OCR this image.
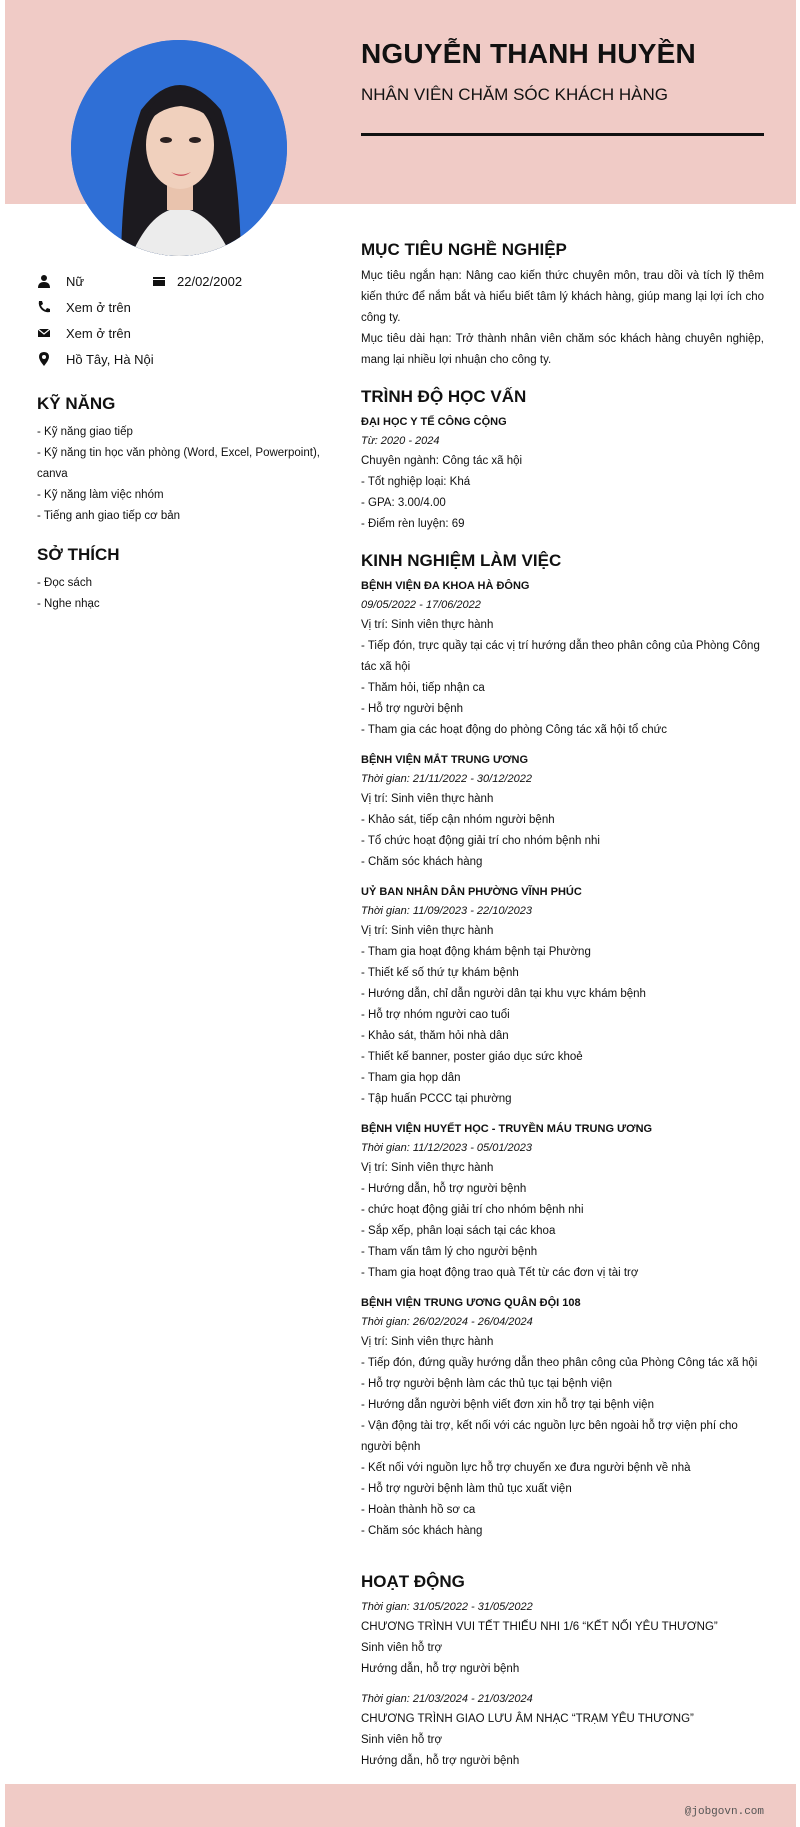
NGUYỄN THANH HUYỀN
NHÂN VIÊN CHĂM SÓC KHÁCH HÀNG
Nữ	22/02/2002
Xem ở trên
Xem ở trên
Hồ Tây, Hà Nội
KỸ NĂNG
- Kỹ năng giao tiếp
- Kỹ năng tin học văn phòng (Word, Excel, Powerpoint), canva
- Kỹ năng làm việc nhóm
- Tiếng anh giao tiếp cơ bản
SỞ THÍCH
- Đọc sách
- Nghe nhạc
MỤC TIÊU NGHỀ NGHIỆP
Mục tiêu ngắn hạn: Nâng cao kiến thức chuyên môn, trau dồi và tích lỹ thêm kiến thức để nắm bắt và hiểu biết tâm lý khách hàng, giúp mang lại lợi ích cho công ty.
Mục tiêu dài hạn: Trở thành nhân viên chăm sóc khách hàng chuyên nghiệp, mang lại nhiều lợi nhuận cho công ty.
TRÌNH ĐỘ HỌC VẤN
ĐẠI HỌC Y TẾ CÔNG CỘNG
Từ: 2020 - 2024
Chuyên ngành: Công tác xã hội
- Tốt nghiệp loại: Khá
- GPA: 3.00/4.00
- Điểm rèn luyện: 69
KINH NGHIỆM LÀM VIỆC
BỆNH VIỆN ĐA KHOA HÀ ĐÔNG
09/05/2022 - 17/06/2022
Vị trí: Sinh viên thực hành
- Tiếp đón, trực quầy tại các vị trí hướng dẫn theo phân công của Phòng Công tác xã hội
- Thăm hỏi, tiếp nhận ca
- Hỗ trợ người bệnh
- Tham gia các hoạt động do phòng Công tác xã hội tổ chức
BỆNH VIỆN MẮT TRUNG ƯƠNG
Thời gian: 21/11/2022 - 30/12/2022
Vị trí: Sinh viên thực hành
- Khảo sát, tiếp cận nhóm người bệnh
- Tổ chức hoạt động giải trí cho nhóm bệnh nhi
- Chăm sóc khách hàng
UỶ BAN NHÂN DÂN PHƯỜNG VĨNH PHÚC
Thời gian: 11/09/2023 - 22/10/2023
Vị trí: Sinh viên thực hành
- Tham gia hoạt động khám bệnh tại Phường
- Thiết kế số thứ tự khám bệnh
- Hướng dẫn, chỉ dẫn người dân tại khu vực khám bệnh
- Hỗ trợ nhóm người cao tuổi
- Khảo sát, thăm hỏi nhà dân
- Thiết kế banner, poster giáo dục sức khoẻ
- Tham gia họp dân
- Tập huấn PCCC tại phường
BỆNH VIỆN HUYẾT HỌC - TRUYỀN MÁU TRUNG ƯƠNG
Thời gian: 11/12/2023 - 05/01/2023
Vị trí: Sinh viên thực hành
- Hướng dẫn, hỗ trợ người bệnh
- chức hoạt động giải trí cho nhóm bệnh nhi
- Sắp xếp, phân loại sách tại các khoa
- Tham vấn tâm lý cho người bệnh
- Tham gia hoạt động trao quà Tết từ các đơn vị tài trợ
BỆNH VIỆN TRUNG ƯƠNG QUÂN ĐỘI 108
Thời gian: 26/02/2024 - 26/04/2024
Vị trí: Sinh viên thực hành
- Tiếp đón, đứng quầy hướng dẫn theo phân công của Phòng Công tác xã hội
- Hỗ trợ người bệnh làm các thủ tục tại bệnh viện
- Hướng dẫn người bệnh viết đơn xin hỗ trợ tại bệnh viện
- Vận động tài trợ, kết nối với các nguồn lực bên ngoài hỗ trợ viện phí cho người bệnh
- Kết nối với nguồn lực hỗ trợ chuyến xe đưa người bệnh về nhà
- Hỗ trợ người bệnh làm thủ tục xuất viện
- Hoàn thành hồ sơ ca
- Chăm sóc khách hàng
HOẠT ĐỘNG
Thời gian: 31/05/2022 - 31/05/2022
CHƯƠNG TRÌNH VUI TẾT THIẾU NHI 1/6 “KẾT NỐI YÊU THƯƠNG”
Sinh viên hỗ trợ
Hướng dẫn, hỗ trợ người bệnh
Thời gian: 21/03/2024 - 21/03/2024
CHƯƠNG TRÌNH GIAO LƯU ÂM NHẠC “TRẠM YÊU THƯƠNG”
Sinh viên hỗ trợ
Hướng dẫn, hỗ trợ người bệnh
@jobgovn.com
